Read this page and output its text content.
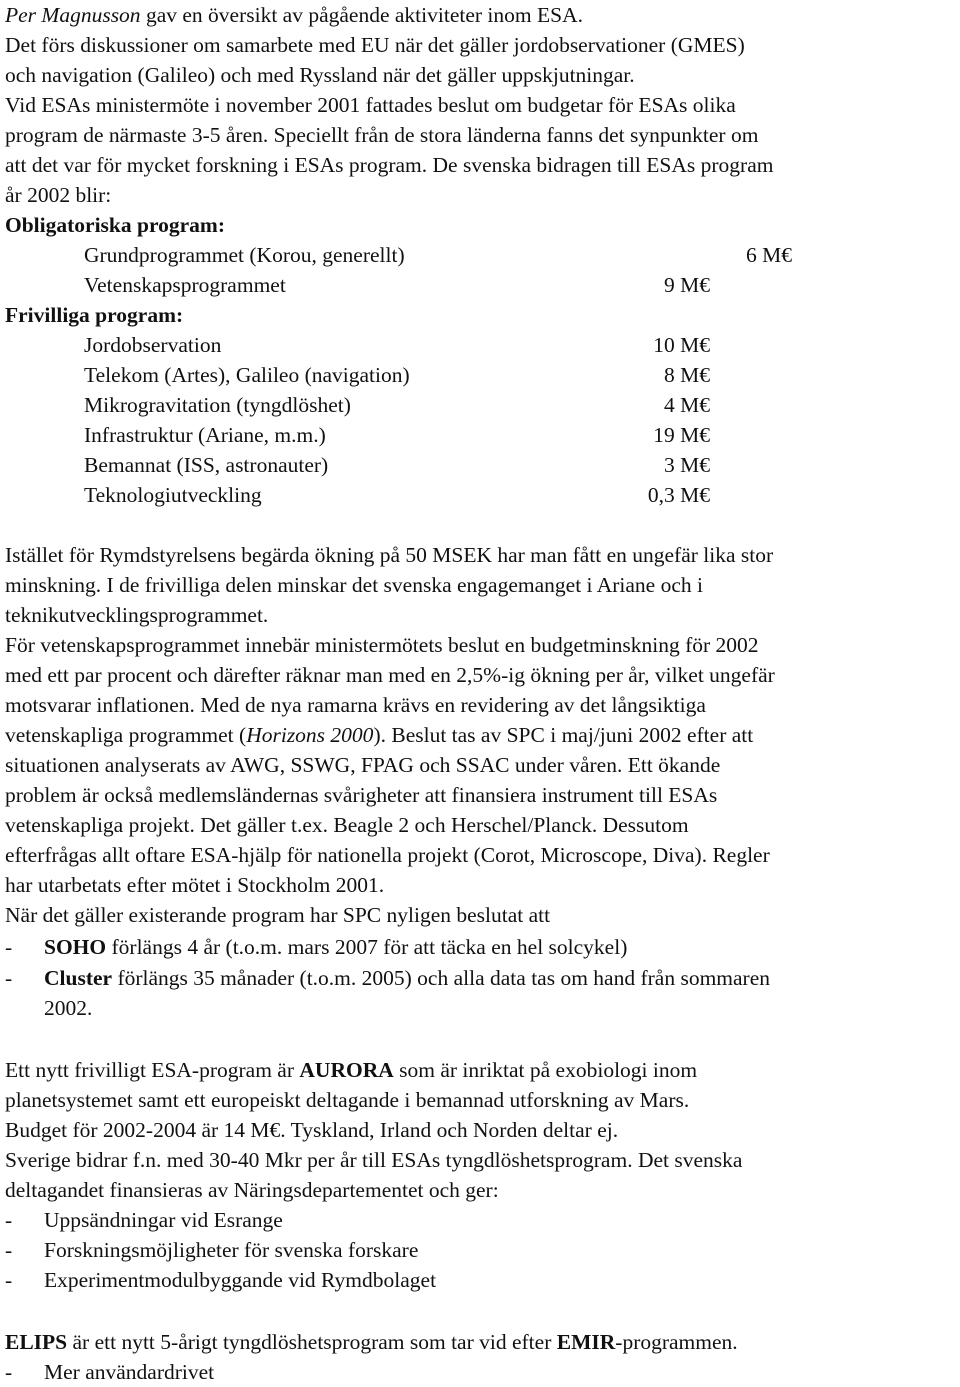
Per Magnusson gav en översikt av pågående aktiviteter inom ESA.
Det förs diskussioner om samarbete med EU när det gäller jordobservationer (GMES)
och navigation (Galileo) och med Ryssland när det gäller uppskjutningar.
Vid ESAs ministermöte i november 2001 fattades beslut om budgetar för ESAs olika
program de närmaste 3-5 åren. Speciellt från de stora länderna fanns det synpunkter om
att det var för mycket forskning i ESAs program. De svenska bidragen till ESAs program
år 2002 blir:
Obligatoriska program:
Grundprogrammet (Korou, generellt)	6 M€
Vetenskapsprogrammet	9 M€
Frivilliga program:
Jordobservation	10 M€
Telekom (Artes), Galileo (navigation)	8 M€
Mikrogravitation (tyngdlöshet)	4 M€
Infrastruktur (Ariane, m.m.)	19 M€
Bemannat (ISS, astronauter)	3 M€
Teknologiutveckling	0,3 M€
Istället för Rymdstyrelsens begärda ökning på 50 MSEK har man fått en ungefär lika stor
minskning. I de frivilliga delen minskar det svenska engagemanget i Ariane och i
teknikutvecklingsprogrammet.
För vetenskapsprogrammet innebär ministermötets beslut en budgetminskning för 2002
med ett par procent och därefter räknar man med en 2,5%-ig ökning per år, vilket ungefär
motsvarar inflationen. Med de nya ramarna krävs en revidering av det långsiktiga
vetenskapliga programmet (Horizons 2000). Beslut tas av SPC i maj/juni 2002 efter att
situationen analyserats av AWG, SSWG, FPAG och SSAC under våren. Ett ökande
problem är också medlemsländernas svårigheter att finansiera instrument till ESAs
vetenskapliga projekt. Det gäller t.ex. Beagle 2 och Herschel/Planck. Dessutom
efterfrågas allt oftare ESA-hjälp för nationella projekt (Corot, Microscope, Diva). Regler
har utarbetats efter mötet i Stockholm 2001.
När det gäller existerande program har SPC nyligen beslutat att
- SOHO förlängs 4 år (t.o.m. mars 2007 för att täcka en hel solcykel)
- Cluster förlängs 35 månader (t.o.m. 2005) och alla data tas om hand från sommaren
2002.
Ett nytt frivilligt ESA-program är AURORA som är inriktat på exobiologi inom
planetsystemet samt ett europeiskt deltagande i bemannad utforskning av Mars.
Budget för 2002-2004 är 14 M€. Tyskland, Irland och Norden deltar ej.
Sverige bidrar f.n. med 30-40 Mkr per år till ESAs tyngdlöshetsprogram. Det svenska
deltagandet finansieras av Näringsdepartementet och ger:
- Uppsändningar vid Esrange
- Forskningsmöjligheter för svenska forskare
- Experimentmodulbyggande vid Rymdbolaget
ELIPS är ett nytt 5-årigt tyngdlöshetsprogram som tar vid efter EMIR-programmen.
- Mer användardrivet
